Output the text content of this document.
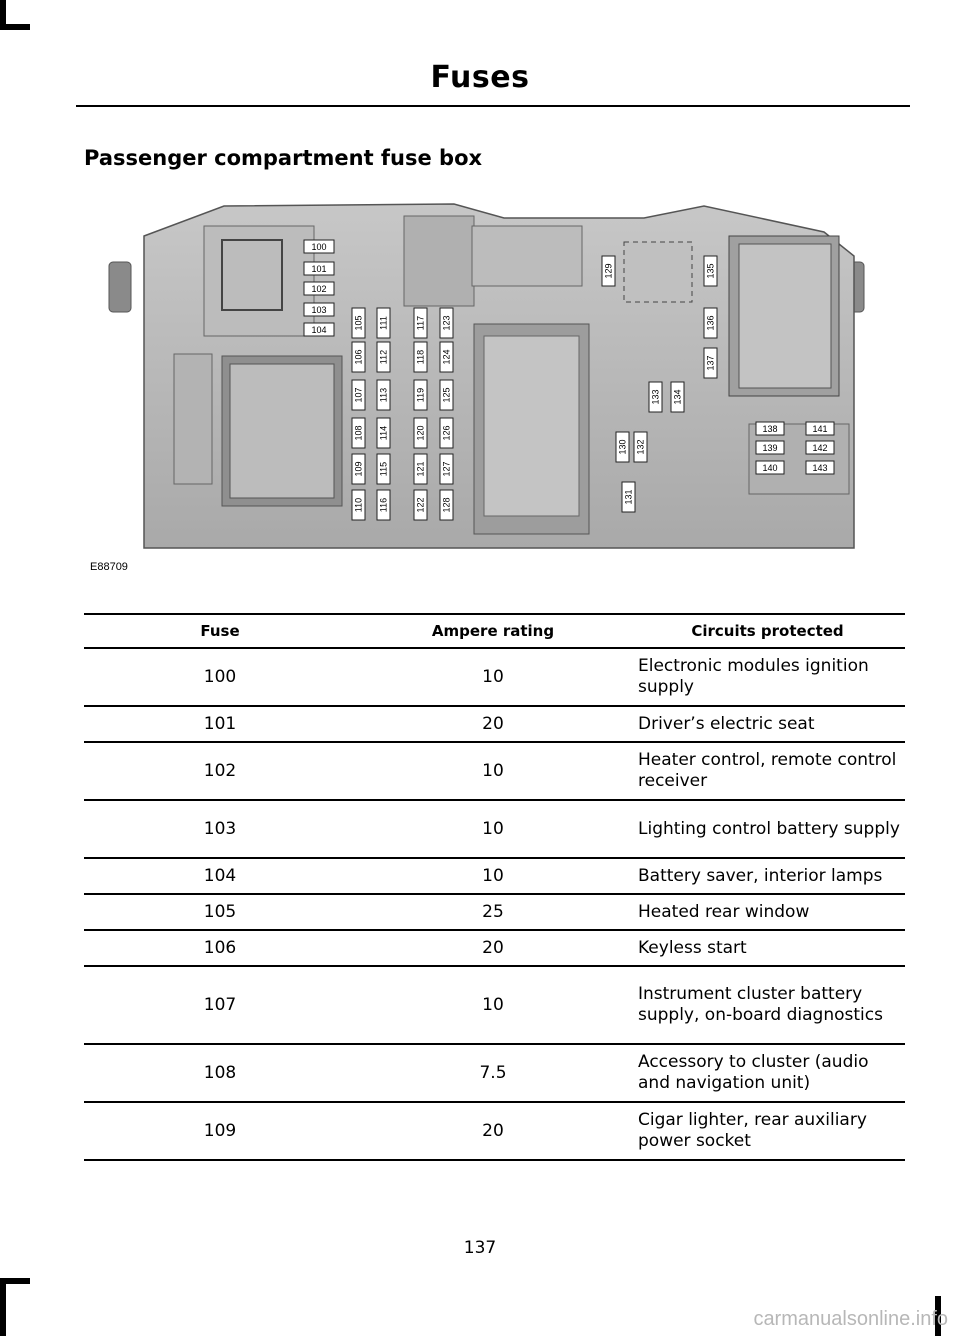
Fuses
Passenger compartment fuse box
100
101
102
103
104	105
106
107
108
109
110
111
112
113
114
115
116
117
118
119
120
121
122
123
124
125
126
127
128
129
130
131
132
133 134
135
136
137
138
139
140
141
142
143
E88709
Fuse	Ampere rating	Circuits protected
100	10	Electronic modules ignition supply
101	20	Driver’s electric seat
102	10	Heater control, remote control receiver
103	10	Lighting control battery supply
104	10	Battery saver, interior lamps
105	25	Heated rear window
106	20	Keyless start
107	10	Instrument cluster battery supply, on-board diagnostics
108	7.5	Accessory to cluster (audio and navigation unit)
109	20	Cigar lighter, rear auxiliary power socket
137
carmanualsonline.info
